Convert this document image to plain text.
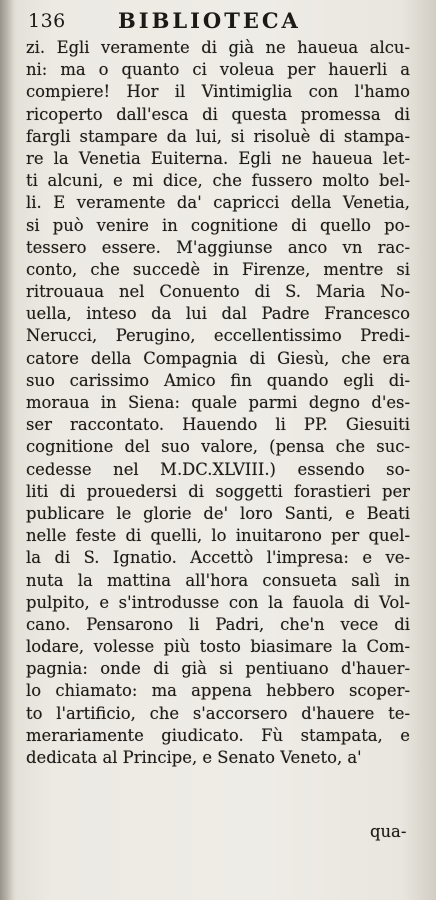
136 BIBLIOTECA
zi. Egli veramente di già ne haueua alcu-
ni: ma o quanto ci voleua per hauerli a
compiere! Hor il Vintimiglia con l'hamo
ricoperto dall'esca di questa promessa di
fargli stampare da lui, si risoluè di stampa-
re la Venetia Euiterna. Egli ne haueua let-
ti alcuni, e mi dice, che fussero molto bel-
li. E veramente da' capricci della Venetia,
si può venire in cognitione di quello po-
tessero essere. M'aggiunse anco vn rac-
conto, che succedè in Firenze, mentre si
ritrouaua nel Conuento di S. Maria No-
uella, inteso da lui dal Padre Francesco
Nerucci, Perugino, eccellentissimo Predi-
catore della Compagnia di Giesù, che era
suo carissimo Amico fin quando egli di-
moraua in Siena: quale parmi degno d'es-
ser raccontato. Hauendo li PP. Giesuiti
cognitione del suo valore, (pensa che suc-
cedesse nel M.DC.XLVIII.) essendo so-
liti di prouedersi di soggetti forastieri per
publicare le glorie de' loro Santi, e Beati
nelle feste di quelli, lo inuitarono per quel-
la di S. Ignatio. Accettò l'impresa: e ve-
nuta la mattina all'hora consueta salì in
pulpito, e s'introdusse con la fauola di Vol-
cano. Pensarono li Padri, che'n vece di
lodare, volesse più tosto biasimare la Com-
pagnia: onde di già si pentiuano d'hauer-
lo chiamato: ma appena hebbero scoper-
to l'artificio, che s'accorsero d'hauere te-
merariamente giudicato. Fù stampata, e
dedicata al Principe, e Senato Veneto, a'
qua-
